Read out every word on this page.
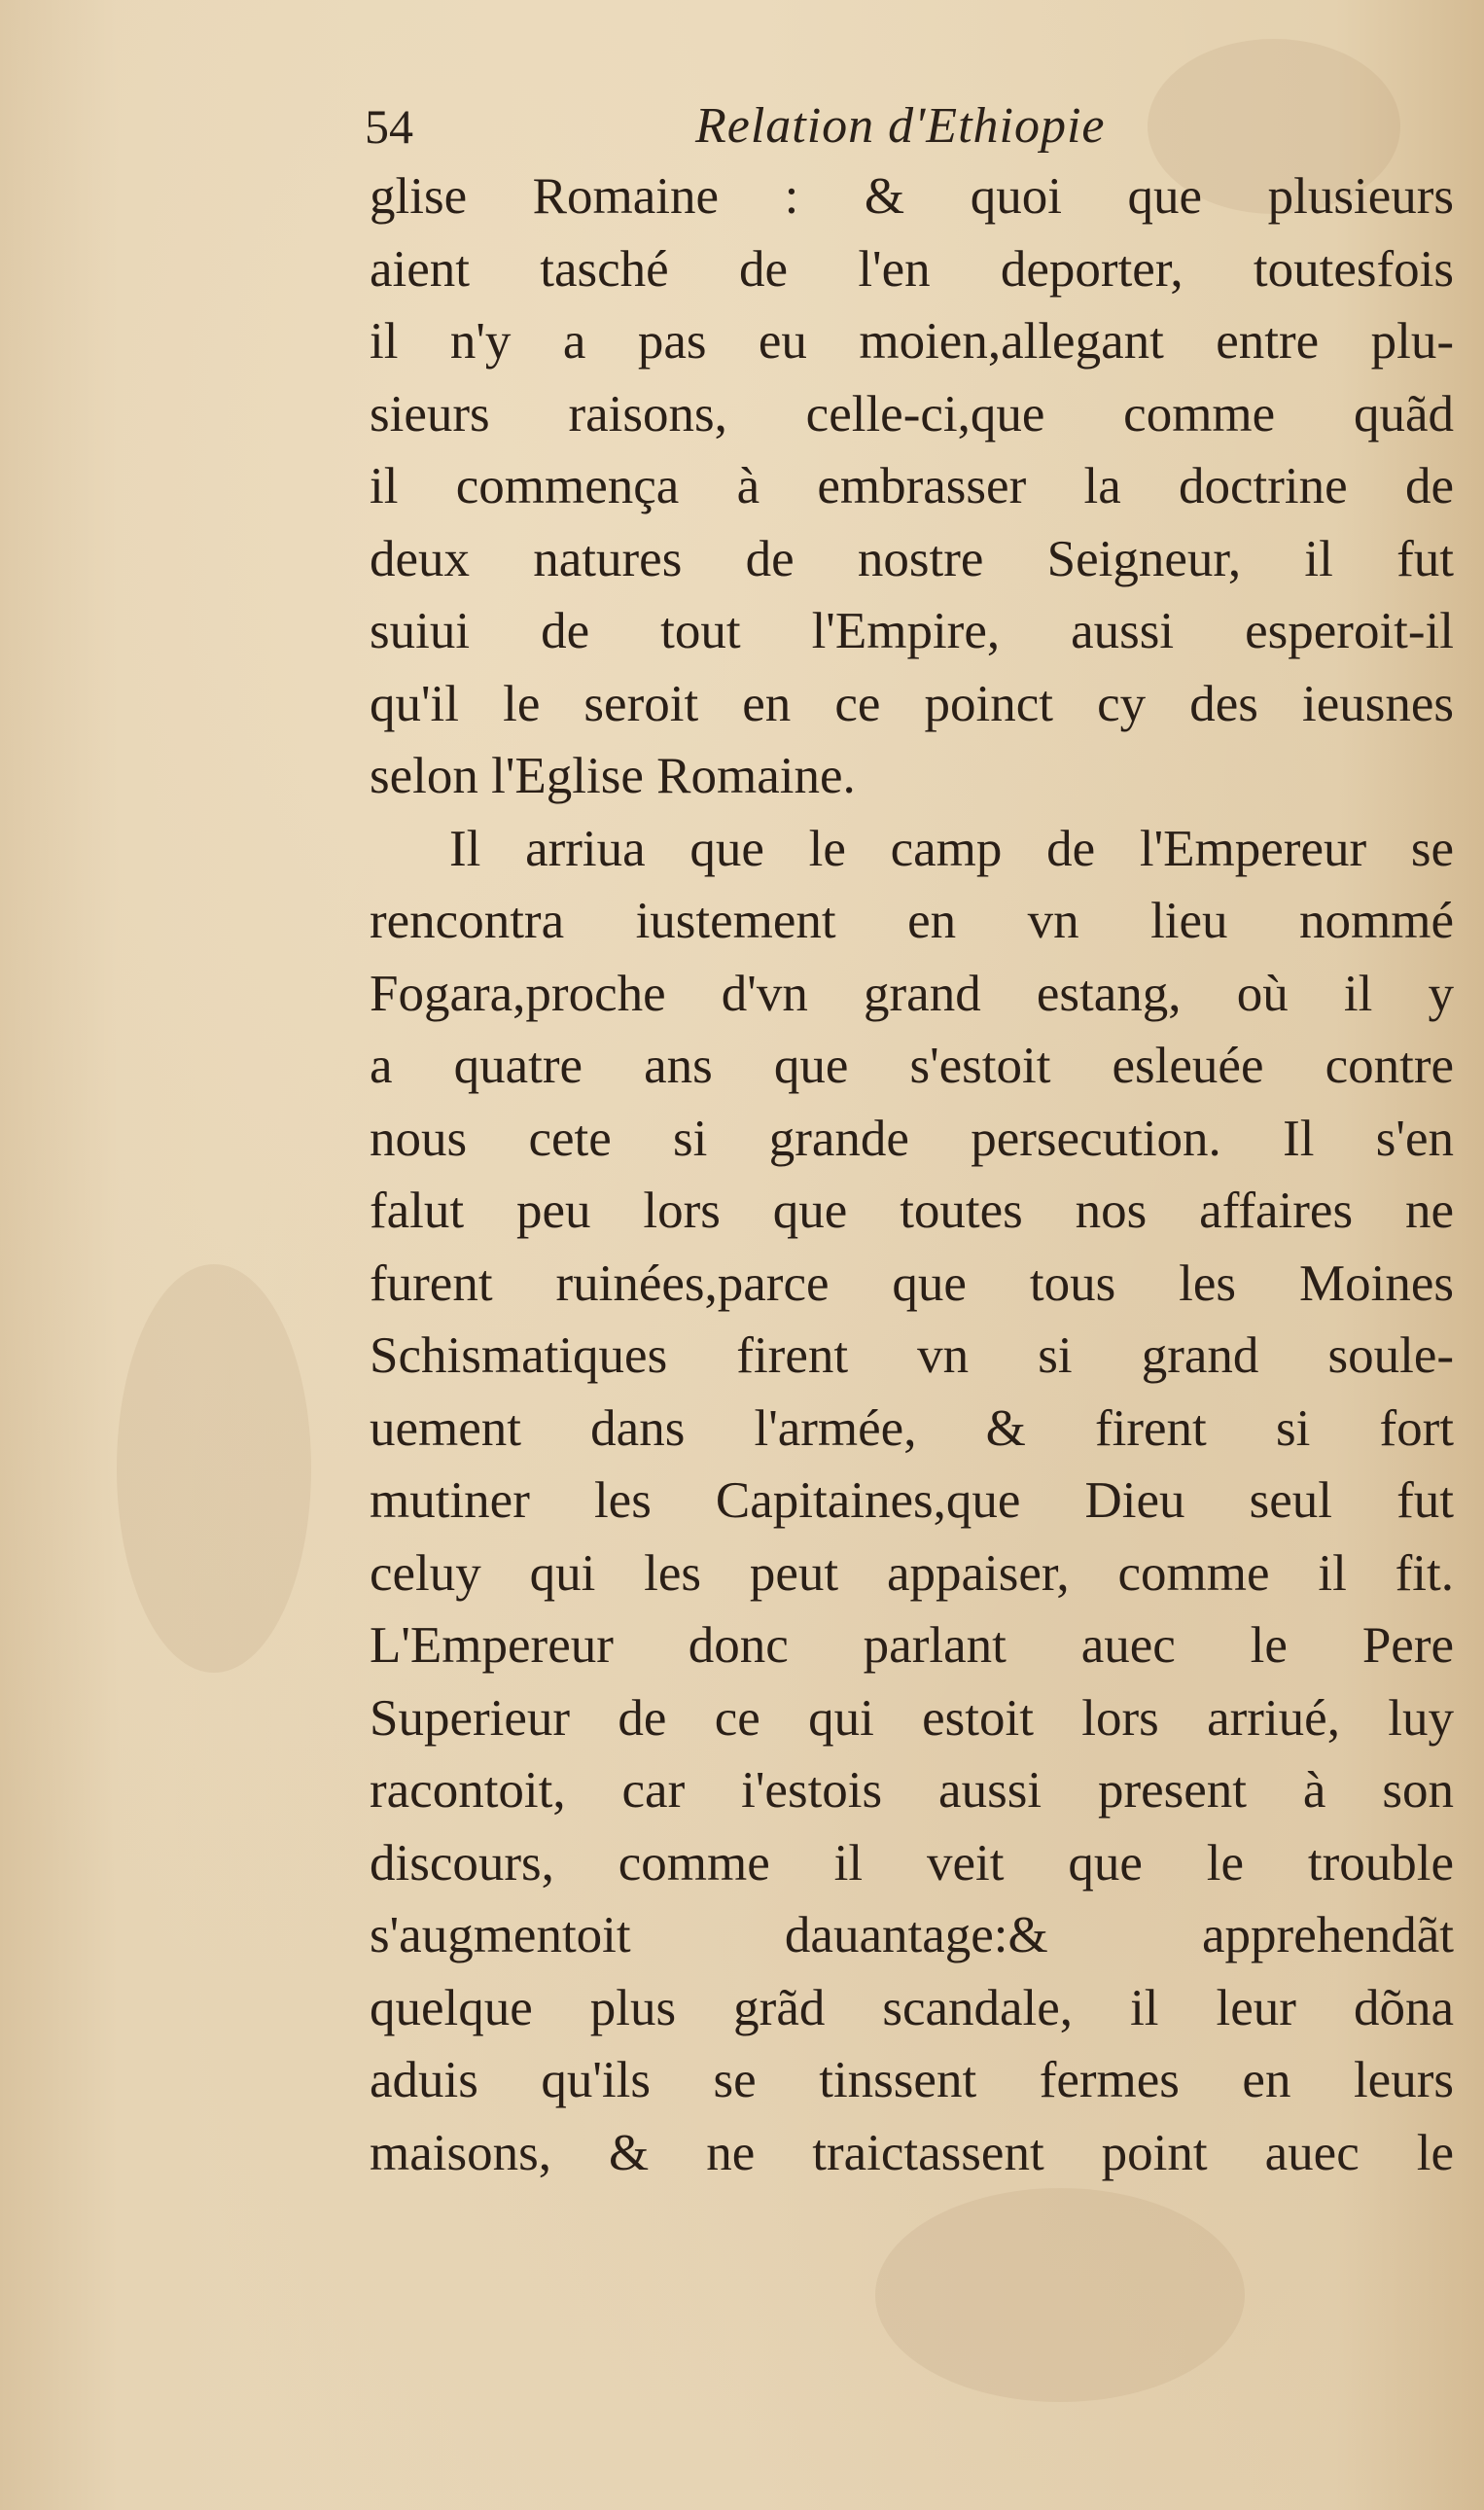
54	Relation d'Ethiopie
glise Romaine : & quoi que plusieurs
aient tasché de l'en deporter, toutesfois
il n'y a pas eu moien,allegant entre plu-
sieurs raisons, celle-ci,que comme quãd
il commença à embrasser la doctrine de
deux natures de nostre Seigneur, il fut
suiui de tout l'Empire, aussi esperoit-il
qu'il le seroit en ce poinct cy des ieusnes
selon l'Eglise Romaine.
Il arriua que le camp de l'Empereur se
rencontra iustement en vn lieu nommé
Fogara,proche d'vn grand estang, où il y
a quatre ans que s'estoit esleuée contre
nous cete si grande persecution. Il s'en
falut peu lors que toutes nos affaires ne
furent ruinées,parce que tous les Moines
Schismatiques firent vn si grand soule-
uement dans l'armée, & firent si fort
mutiner les Capitaines,que Dieu seul fut
celuy qui les peut appaiser, comme il fit.
L'Empereur donc parlant auec le Pere
Superieur de ce qui estoit lors arriué, luy
racontoit, car i'estois aussi present à son
discours, comme il veit que le trouble
s'augmentoit dauantage:& apprehendãt
quelque plus grãd scandale, il leur dõna
aduis qu'ils se tinssent fermes en leurs
maisons, & ne traictassent point auec le
